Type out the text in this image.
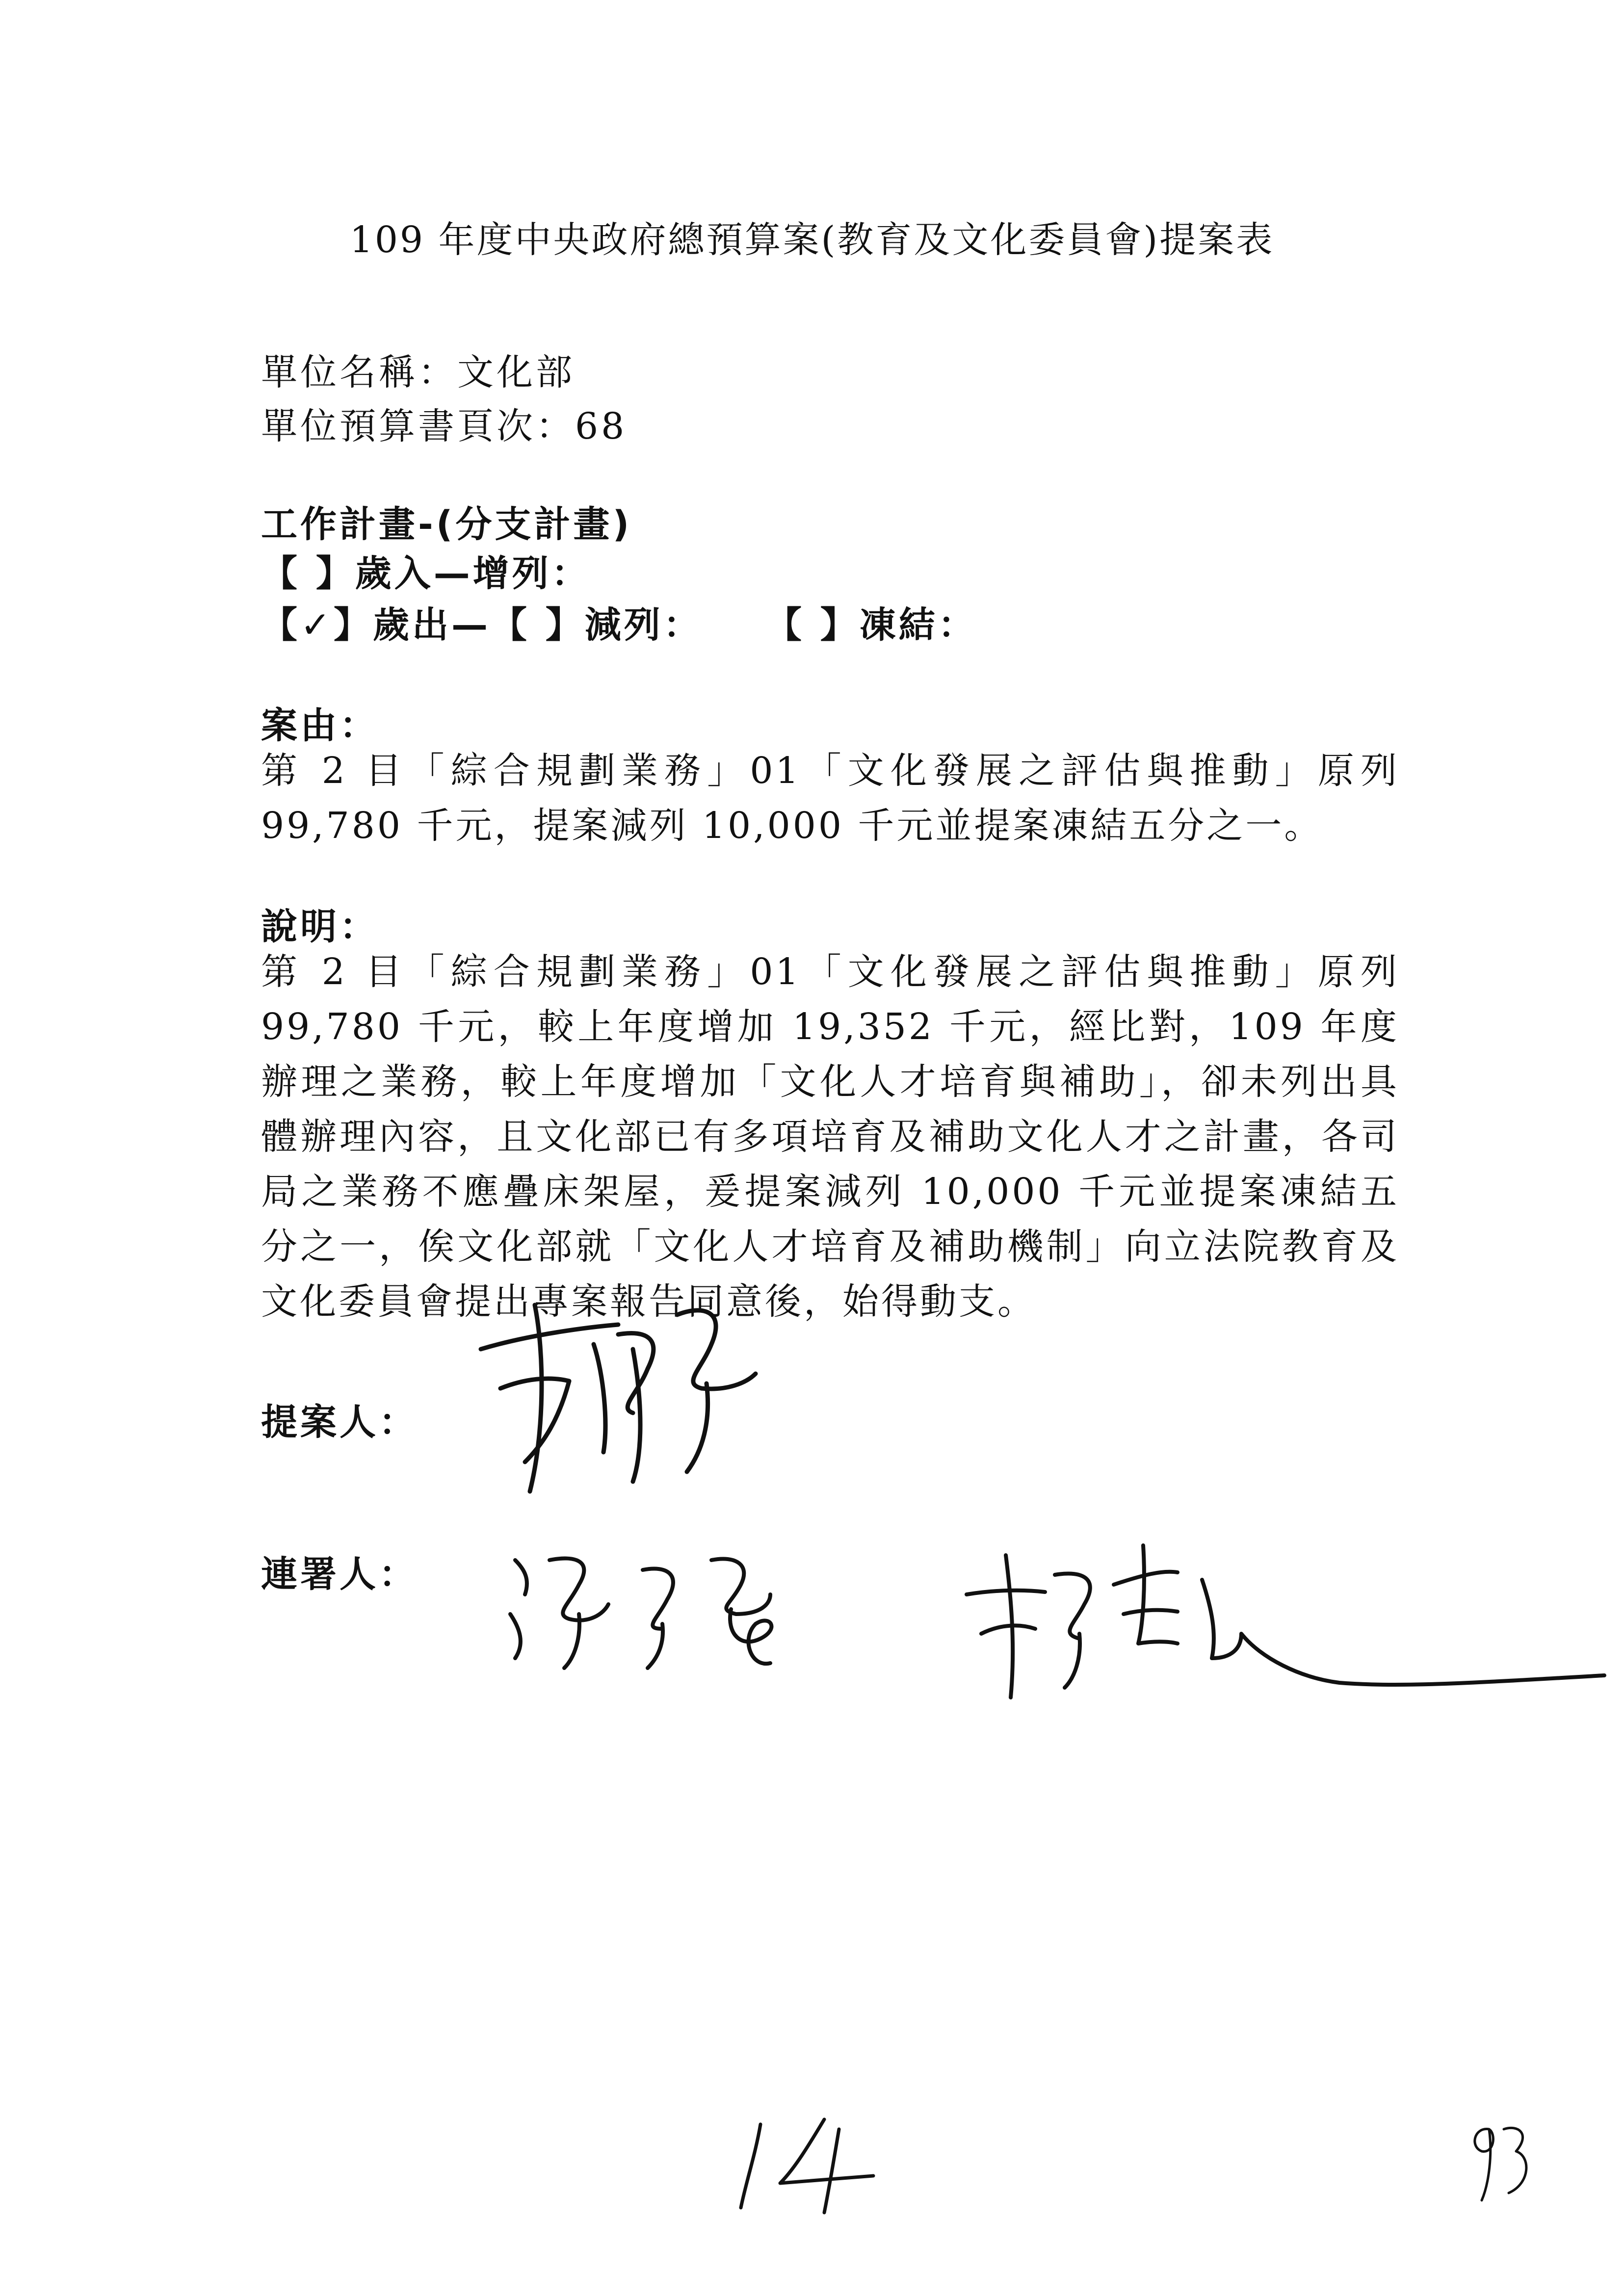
109 年度中央政府總預算案(教育及文化委員會)提案表
單位名稱：文化部
單位預算書頁次：68
工作計畫-(分支計畫)
【 】歲入—增列：
【✓】歲出—【 】減列： 【 】凍結：
案由：
第 2 目「綜合規劃業務」01「文化發展之評估與推動」原列 99,780 千元，提案減列 10,000 千元並提案凍結五分之一。
說明：
第 2 目「綜合規劃業務」01「文化發展之評估與推動」原列 99,780 千元，較上年度增加 19,352 千元，經比對，109 年度辦理之業務，較上年度增加「文化人才培育與補助」，卻未列出具體辦理內容，且文化部已有多項培育及補助文化人才之計畫，各司局之業務不應疊床架屋，爰提案減列 10,000 千元並提案凍結五分之一，俟文化部就「文化人才培育及補助機制」向立法院教育及文化委員會提出專案報告同意後，始得動支。
提案人：
連署人：
